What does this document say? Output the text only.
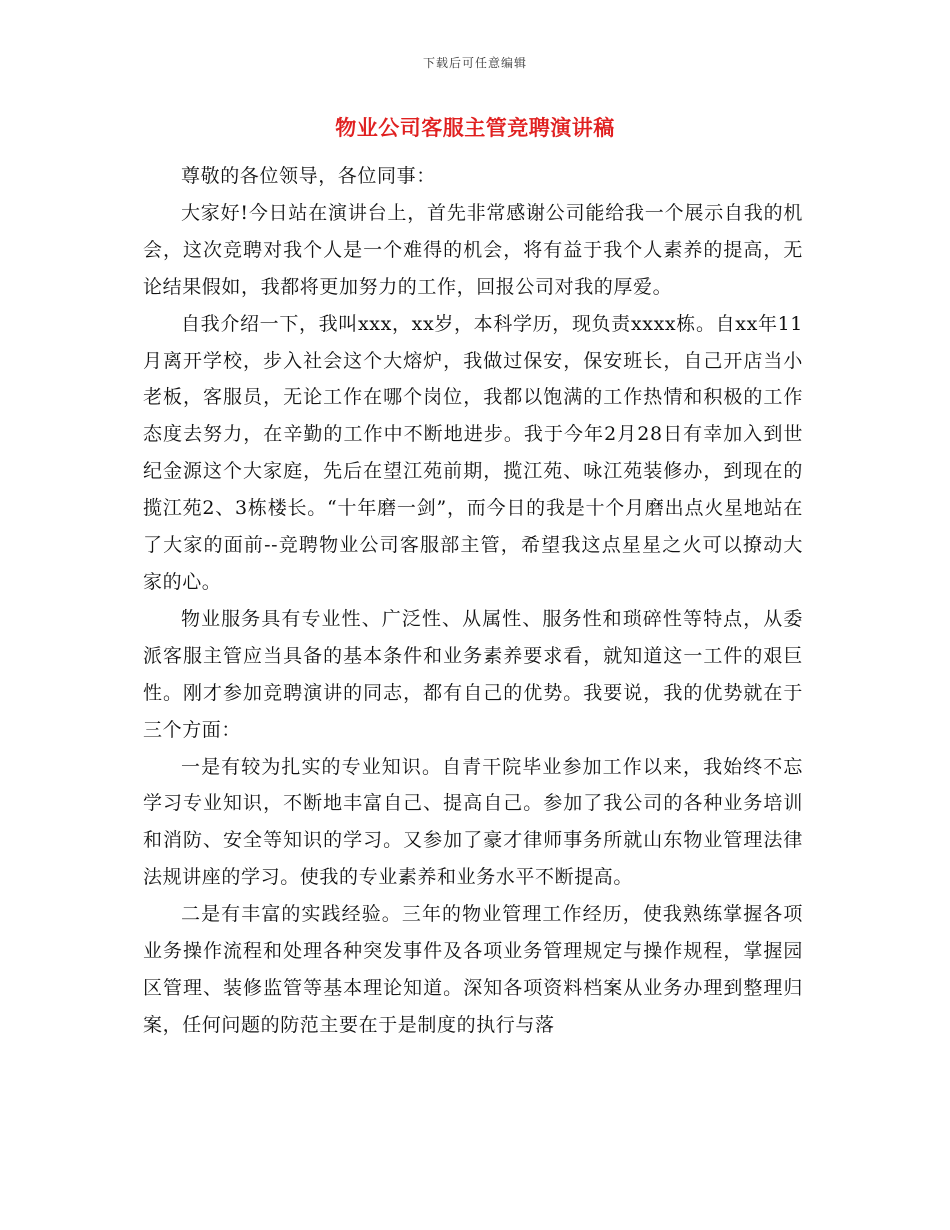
下载后可任意编辑
物业公司客服主管竞聘演讲稿

尊敬的各位领导，各位同事：

大家好!今日站在演讲台上，首先非常感谢公司能给我一个展示自我的机会，这次竞聘对我个人是一个难得的机会，将有益于我个人素养的提高，无论结果假如，我都将更加努力的工作，回报公司对我的厚爱。

自我介绍一下，我叫xxx，xx岁，本科学历，现负责xxxx栋。自xx年11月离开学校，步入社会这个大熔炉，我做过保安，保安班长，自己开店当小老板，客服员，无论工作在哪个岗位，我都以饱满的工作热情和积极的工作态度去努力，在辛勤的工作中不断地进步。我于今年2月28日有幸加入到世纪金源这个大家庭，先后在望江苑前期，揽江苑、咏江苑装修办，到现在的揽江苑2、3栋楼长。“十年磨一剑”，而今日的我是十个月磨出点火星地站在了大家的面前--竞聘物业公司客服部主管，希望我这点星星之火可以撩动大家的心。

物业服务具有专业性、广泛性、从属性、服务性和琐碎性等特点，从委派客服主管应当具备的基本条件和业务素养要求看，就知道这一工件的艰巨性。刚才参加竞聘演讲的同志，都有自己的优势。我要说，我的优势就在于三个方面：

一是有较为扎实的专业知识。自青干院毕业参加工作以来，我始终不忘学习专业知识，不断地丰富自己、提高自己。参加了我公司的各种业务培训和消防、安全等知识的学习。又参加了豪才律师事务所就山东物业管理法律法规讲座的学习。使我的专业素养和业务水平不断提高。

二是有丰富的实践经验。三年的物业管理工作经历，使我熟练掌握各项业务操作流程和处理各种突发事件及各项业务管理规定与操作规程，掌握园区管理、装修监管等基本理论知道。深知各项资料档案从业务办理到整理归案，任何问题的防范主要在于是制度的执行与落
